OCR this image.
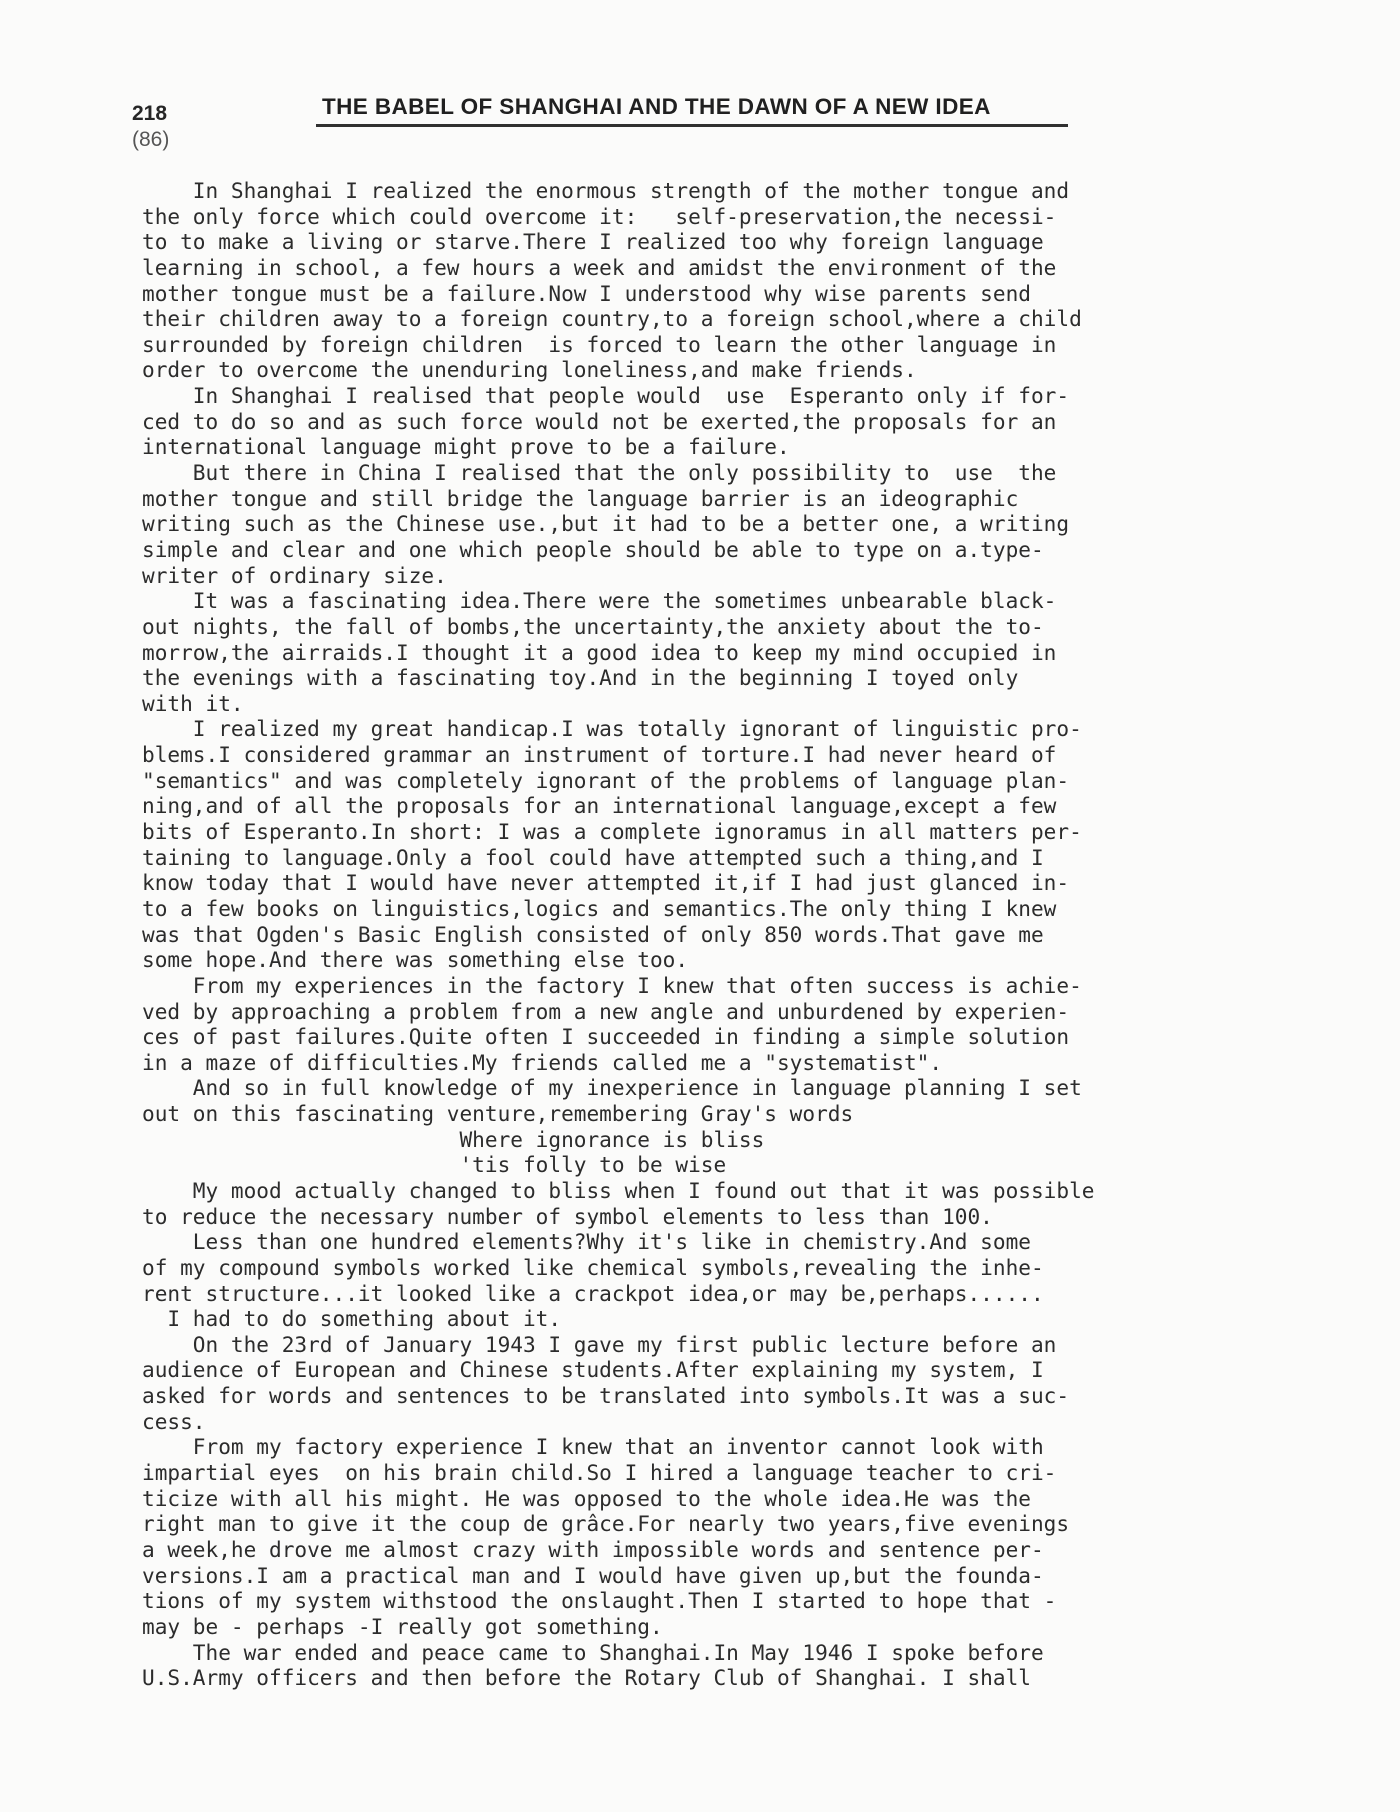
218
(86)
THE BABEL OF SHANGHAI AND THE DAWN OF A NEW IDEA
In Shanghai I realized the enormous strength of the mother tongue and
the only force which could overcome it:   self-preservation,the necessi-
to to make a living or starve.There I realized too why foreign language
learning in school, a few hours a week and amidst the environment of the
mother tongue must be a failure.Now I understood why wise parents send
their children away to a foreign country,to a foreign school,where a child
surrounded by foreign children  is forced to learn the other language in
order to overcome the unenduring loneliness,and make friends.
In Shanghai I realised that people would  use  Esperanto only if for-
ced to do so and as such force would not be exerted,the proposals for an
international language might prove to be a failure.
But there in China I realised that the only possibility to  use  the
mother tongue and still bridge the language barrier is an ideographic
writing such as the Chinese use.,but it had to be a better one, a writing
simple and clear and one which people should be able to type on a.type-
writer of ordinary size.
It was a fascinating idea.There were the sometimes unbearable black-
out nights, the fall of bombs,the uncertainty,the anxiety about the to-
morrow,the airraids.I thought it a good idea to keep my mind occupied in
the evenings with a fascinating toy.And in the beginning I toyed only
with it.
I realized my great handicap.I was totally ignorant of linguistic pro-
blems.I considered grammar an instrument of torture.I had never heard of
"semantics" and was completely ignorant of the problems of language plan-
ning,and of all the proposals for an international language,except a few
bits of Esperanto.In short: I was a complete ignoramus in all matters per-
taining to language.Only a fool could have attempted such a thing,and I
know today that I would have never attempted it,if I had just glanced in-
to a few books on linguistics,logics and semantics.The only thing I knew
was that Ogden's Basic English consisted of only 850 words.That gave me
some hope.And there was something else too.
From my experiences in the factory I knew that often success is achie-
ved by approaching a problem from a new angle and unburdened by experien-
ces of past failures.Quite often I succeeded in finding a simple solution
in a maze of difficulties.My friends called me a "systematist".
And so in full knowledge of my inexperience in language planning I set
out on this fascinating venture,remembering Gray's words
Where ignorance is bliss
'tis folly to be wise
My mood actually changed to bliss when I found out that it was possible
to reduce the necessary number of symbol elements to less than 100.
Less than one hundred elements?Why it's like in chemistry.And some
of my compound symbols worked like chemical symbols,revealing the inhe-
rent structure...it looked like a crackpot idea,or may be,perhaps......
I had to do something about it.
On the 23rd of January 1943 I gave my first public lecture before an
audience of European and Chinese students.After explaining my system, I
asked for words and sentences to be translated into symbols.It was a suc-
cess.
From my factory experience I knew that an inventor cannot look with
impartial eyes  on his brain child.So I hired a language teacher to cri-
ticize with all his might. He was opposed to the whole idea.He was the
right man to give it the coup de grâce.For nearly two years,five evenings
a week,he drove me almost crazy with impossible words and sentence per-
versions.I am a practical man and I would have given up,but the founda-
tions of my system withstood the onslaught.Then I started to hope that -
may be - perhaps -I really got something.
The war ended and peace came to Shanghai.In May 1946 I spoke before
U.S.Army officers and then before the Rotary Club of Shanghai. I shall
